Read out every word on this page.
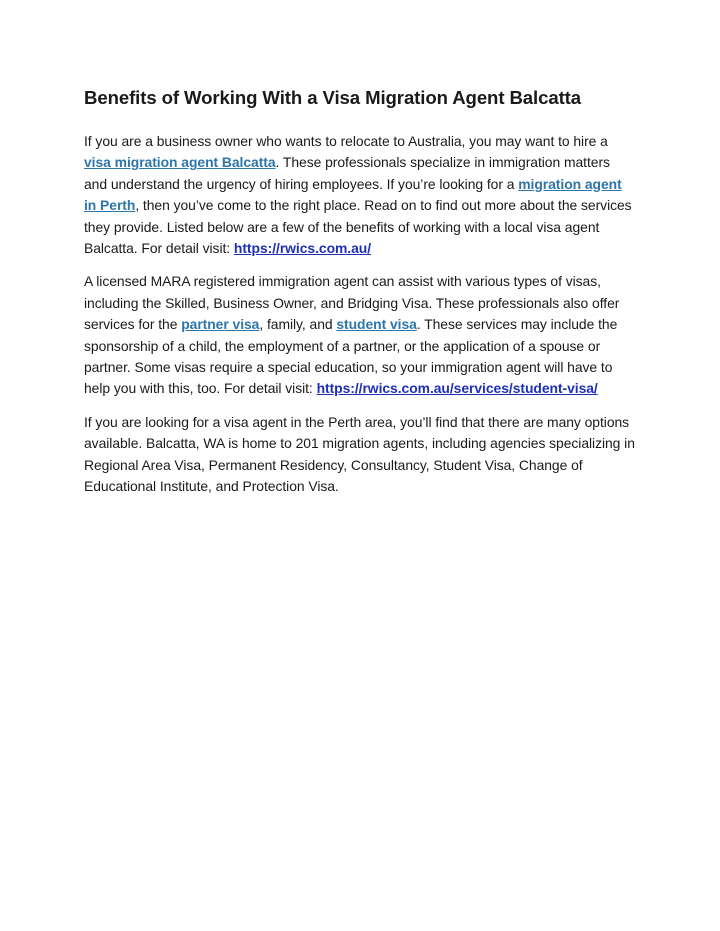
Benefits of Working With a Visa Migration Agent Balcatta

If you are a business owner who wants to relocate to Australia, you may want to hire a visa migration agent Balcatta. These professionals specialize in immigration matters and understand the urgency of hiring employees. If you’re looking for a migration agent in Perth, then you’ve come to the right place. Read on to find out more about the services they provide. Listed below are a few of the benefits of working with a local visa agent Balcatta. For detail visit: https://rwics.com.au/

A licensed MARA registered immigration agent can assist with various types of visas, including the Skilled, Business Owner, and Bridging Visa. These professionals also offer services for the partner visa, family, and student visa. These services may include the sponsorship of a child, the employment of a partner, or the application of a spouse or partner. Some visas require a special education, so your immigration agent will have to help you with this, too. For detail visit: https://rwics.com.au/services/student-visa/

If you are looking for a visa agent in the Perth area, you’ll find that there are many options available. Balcatta, WA is home to 201 migration agents, including agencies specializing in Regional Area Visa, Permanent Residency, Consultancy, Student Visa, Change of Educational Institute, and Protection Visa.
